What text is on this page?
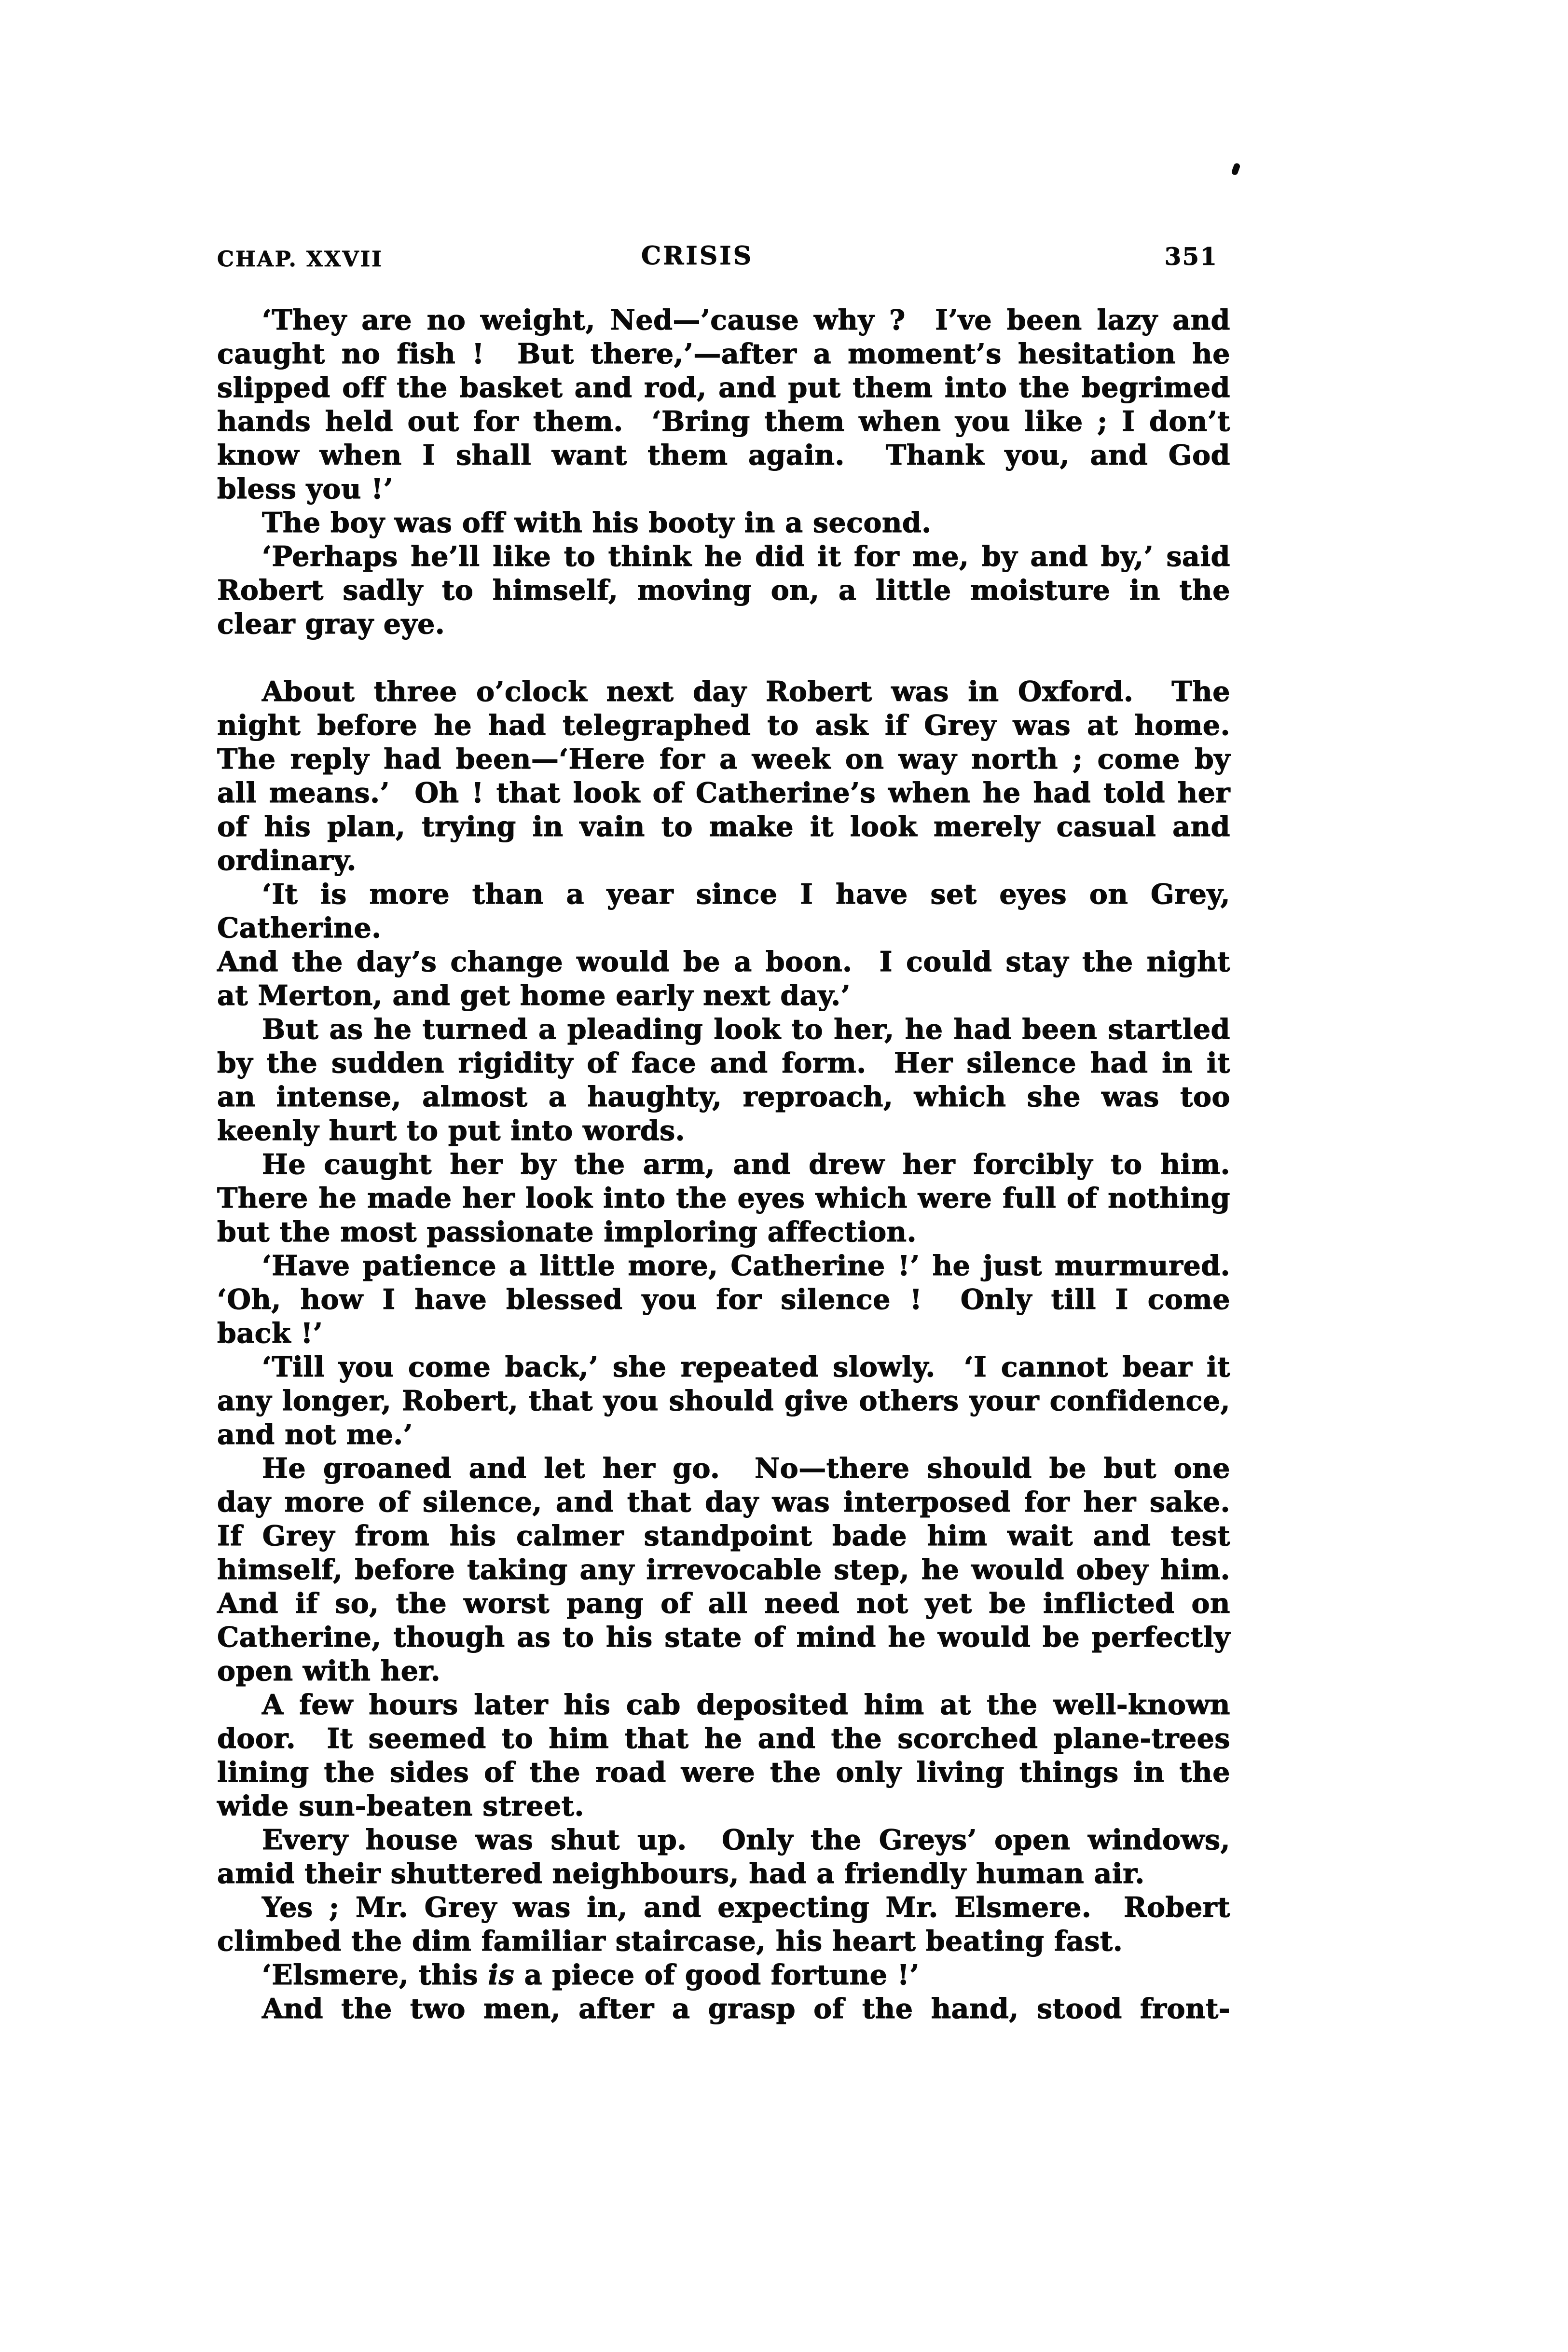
CHAP. XXVII	CRISIS	351

‘They are no weight, Ned—’cause why ?  I’ve been lazy and
caught no fish !  But there,’—after a moment’s hesitation he
slipped off the basket and rod, and put them into the begrimed
hands held out for them.  ‘Bring them when you like ; I don’t
know when I shall want them again.  Thank you, and God
bless you !’

The boy was off with his booty in a second.

‘Perhaps he’ll like to think he did it for me, by and by,’ said
Robert sadly to himself, moving on, a little moisture in the
clear gray eye.

About three o’clock next day Robert was in Oxford.  The
night before he had telegraphed to ask if Grey was at home.
The reply had been—‘Here for a week on way north ; come by
all means.’  Oh ! that look of Catherine’s when he had told her
of his plan, trying in vain to make it look merely casual and
ordinary.

‘It is more than a year since I have set eyes on Grey, Catherine.
And the day’s change would be a boon.  I could stay the night
at Merton, and get home early next day.’

But as he turned a pleading look to her, he had been startled
by the sudden rigidity of face and form.  Her silence had in it
an intense, almost a haughty, reproach, which she was too
keenly hurt to put into words.

He caught her by the arm, and drew her forcibly to him.
There he made her look into the eyes which were full of nothing
but the most passionate imploring affection.

‘Have patience a little more, Catherine !’ he just murmured.
‘Oh, how I have blessed you for silence !  Only till I come
back !’

‘Till you come back,’ she repeated slowly.  ‘I cannot bear it
any longer, Robert, that you should give others your confidence,
and not me.’

He groaned and let her go.  No—there should be but one
day more of silence, and that day was interposed for her sake.
If Grey from his calmer standpoint bade him wait and test
himself, before taking any irrevocable step, he would obey him.
And if so, the worst pang of all need not yet be inflicted on
Catherine, though as to his state of mind he would be perfectly
open with her.

A few hours later his cab deposited him at the well-known
door.  It seemed to him that he and the scorched plane-trees
lining the sides of the road were the only living things in the
wide sun-beaten street.

Every house was shut up.  Only the Greys’ open windows,
amid their shuttered neighbours, had a friendly human air.

Yes ; Mr. Grey was in, and expecting Mr. Elsmere.  Robert
climbed the dim familiar staircase, his heart beating fast.

‘Elsmere, this is a piece of good fortune !’

And the two men, after a grasp of the hand, stood front-
